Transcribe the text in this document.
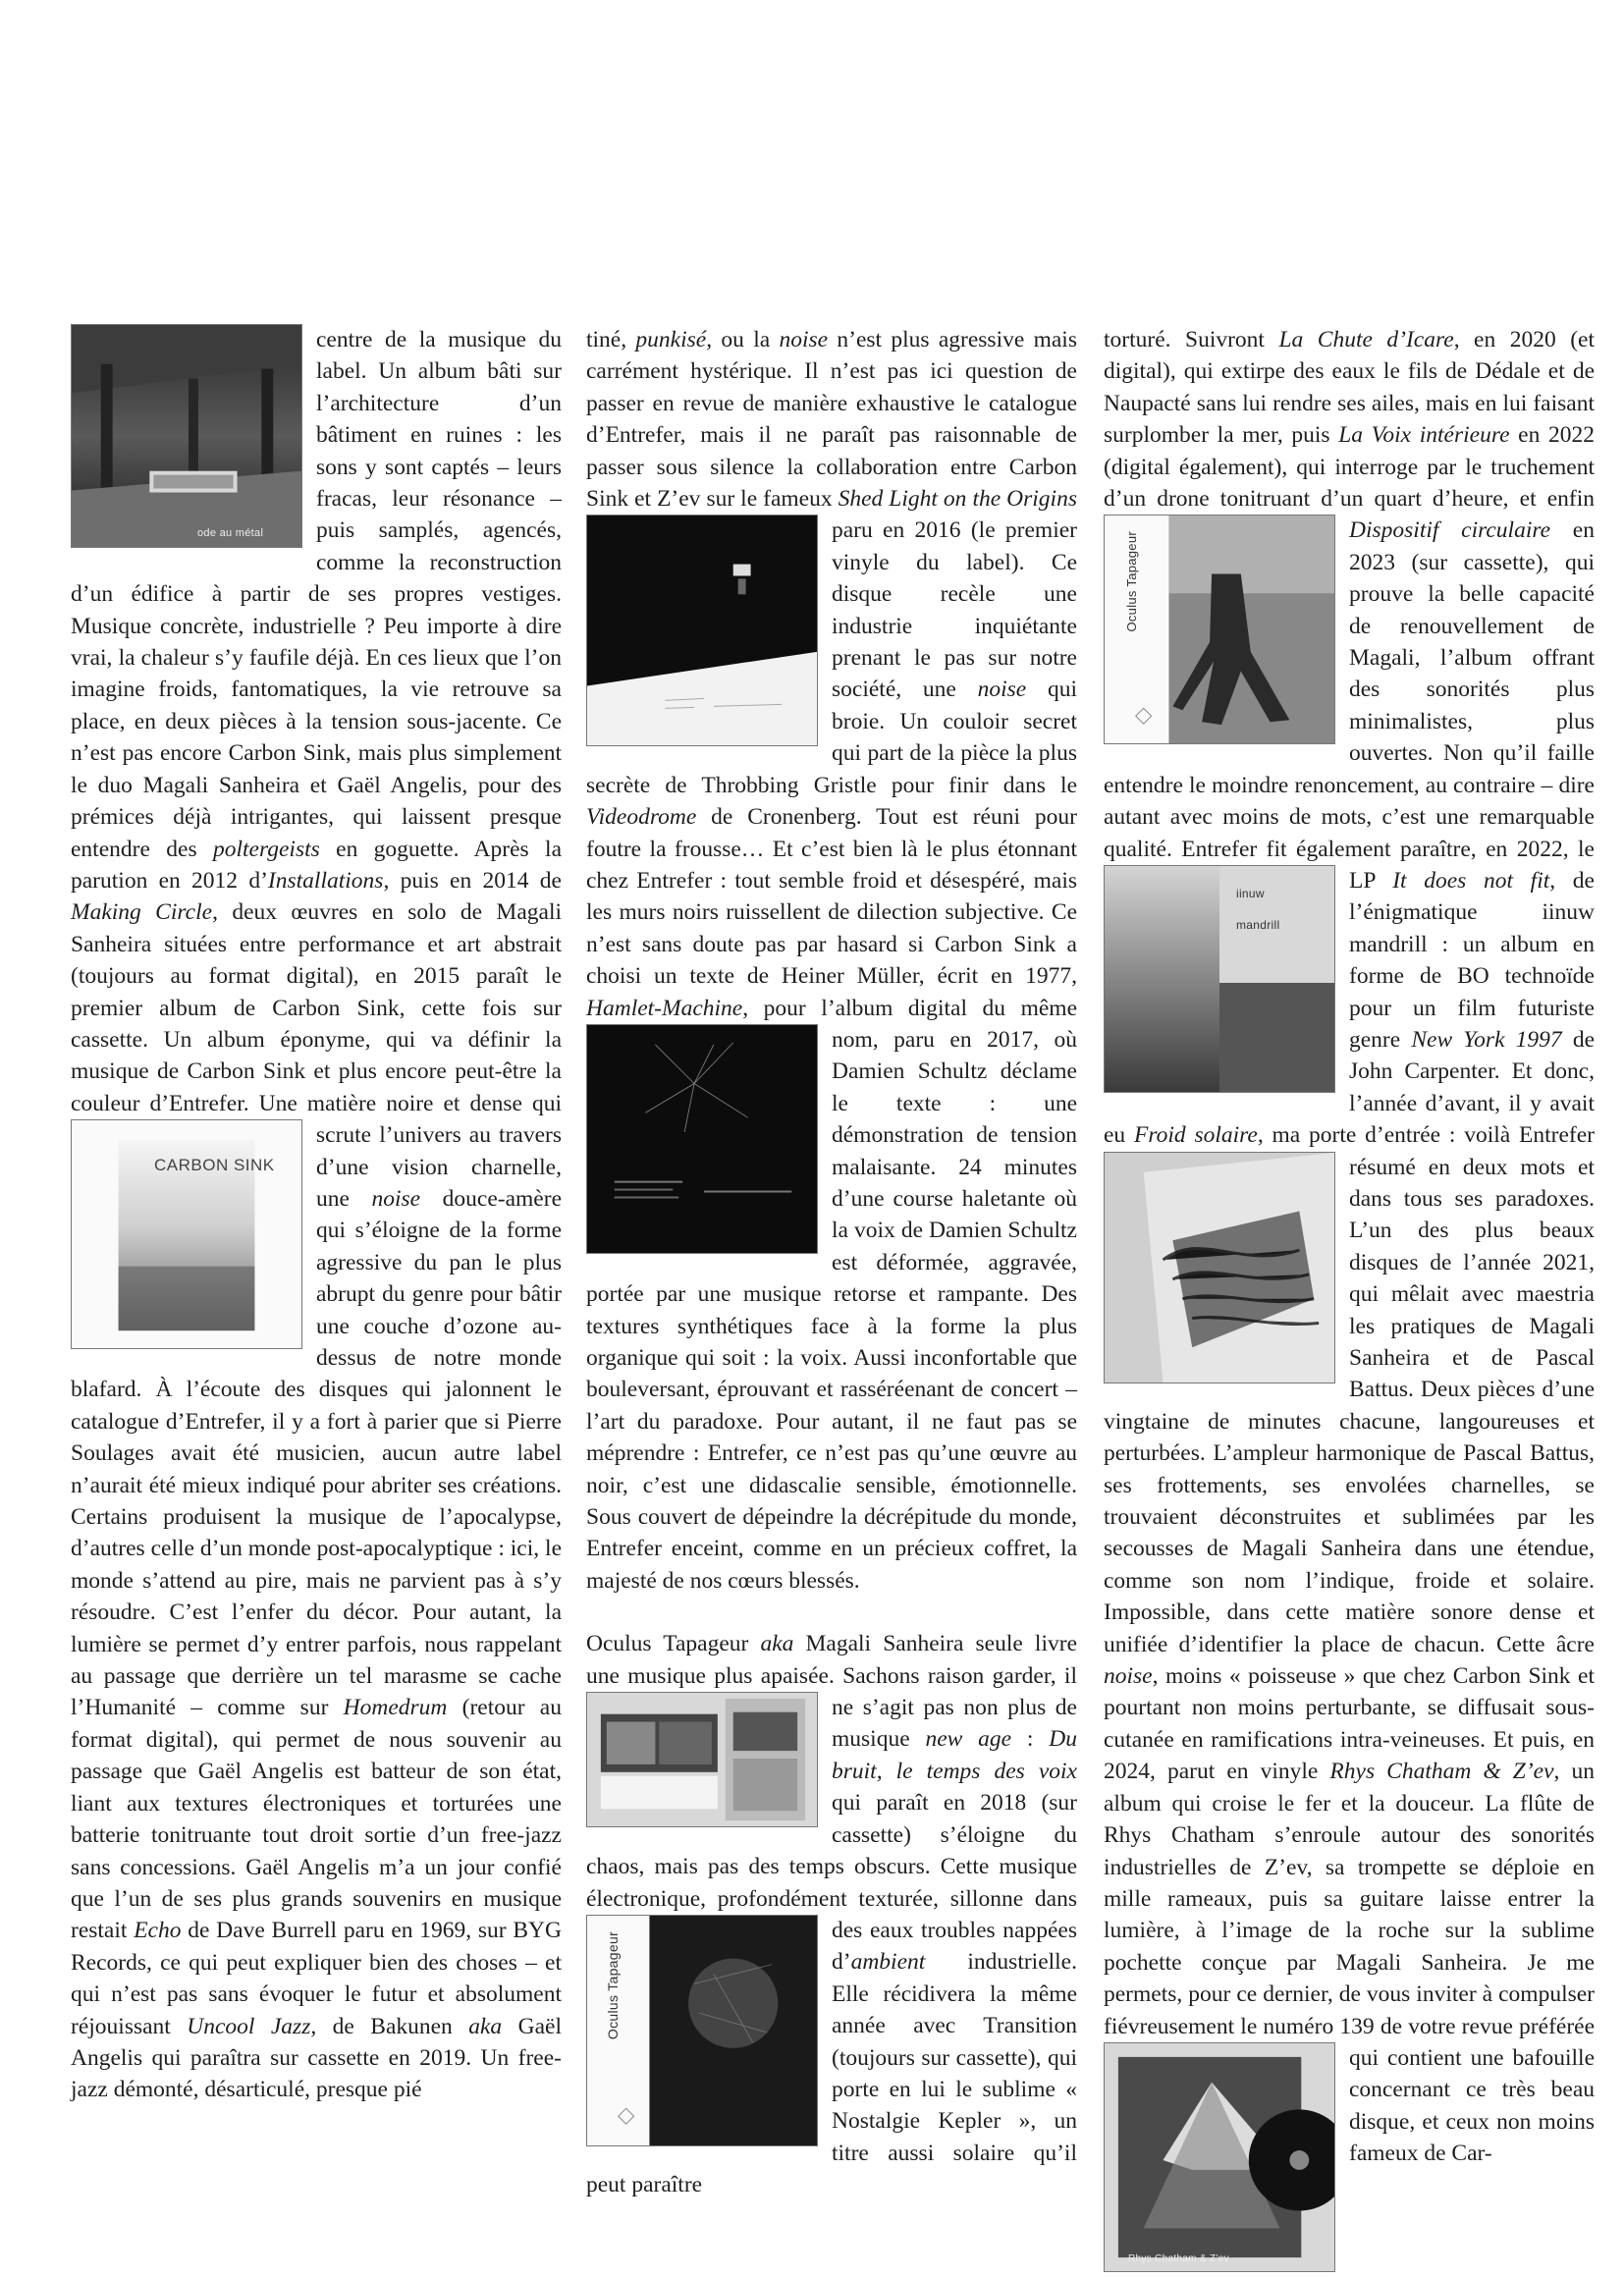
ode au métal

centre de la musique du label. Un album bâti sur l’architecture d’un bâtiment en ruines : les sons y sont captés – leurs fracas, leur résonance – puis samplés, agencés, comme la reconstruction d’un édifice à partir de ses propres vestiges. Musique concrète, industrielle ? Peu importe à dire vrai, la chaleur s’y faufile déjà. En ces lieux que l’on imagine froids, fantomatiques, la vie retrouve sa place, en deux pièces à la tension sous-jacente. Ce n’est pas encore Carbon Sink, mais plus simplement le duo Magali Sanheira et Gaël Angelis, pour des prémices déjà intrigantes, qui laissent presque entendre des poltergeists en goguette. Après la parution en 2012 d’Installations, puis en 2014 de Making Circle, deux œuvres en solo de Magali Sanheira situées entre performance et art abstrait (toujours au format digital), en 2015 paraît le premier album de Carbon Sink, cette fois sur cassette. Un album éponyme, qui va définir la musique de Carbon Sink et plus encore peut-être la couleur d’Entrefer. Une matière noire et dense qui scrute l’univers au travers
CARBON SINK d’une vision charnelle, une noise douce-amère qui s’éloigne de la forme agressive du pan le plus abrupt du genre pour bâtir une couche d’ozone au-dessus de notre monde blafard. À l’écoute des disques qui jalonnent le catalogue d’Entrefer, il y a fort à parier que si Pierre Soulages avait été musicien, aucun autre label n’aurait été mieux indiqué pour abriter ses créations. Certains produisent la musique de l’apocalypse, d’autres celle d’un monde post-apocalyptique : ici, le monde s’attend au pire, mais ne parvient pas à s’y résoudre. C’est l’enfer du décor. Pour autant, la lumière se permet d’y entrer parfois, nous rappelant au passage que derrière un tel marasme se cache l’Humanité – comme sur Homedrum (retour au format digital), qui permet de nous souvenir au passage que Gaël Angelis est batteur de son état, liant aux textures électroniques et torturées une batterie tonitruante tout droit sortie d’un free-jazz sans concessions. Gaël Angelis m’a un jour confié que l’un de ses plus grands souvenirs en musique restait Echo de Dave Burrell paru en 1969, sur BYG Records, ce qui peut expliquer bien des choses – et qui n’est pas sans évoquer le futur et absolument réjouissant Uncool Jazz, de Bakunen aka Gaël Angelis qui paraîtra sur cassette en 2019. Un free-jazz démonté, désarticulé, presque pié

tiné, punkisé, ou la noise n’est plus agressive mais carrément hystérique. Il n’est pas ici question de passer en revue de manière exhaustive le catalogue d’Entrefer, mais il ne paraît pas raisonnable de passer sous silence la collaboration entre Carbon Sink et Z’ev sur le fameux Shed
Light on the Origins paru en 2016 (le premier vinyle du label). Ce disque recèle une industrie inquiétante prenant le pas sur notre société, une noise qui broie. Un couloir secret qui part de la pièce la plus secrète de Throbbing Gristle pour finir dans le Videodrome de Cronenberg. Tout est réuni pour foutre la frousse… Et c’est bien là le plus étonnant chez Entrefer : tout semble froid et désespéré, mais les murs noirs ruissellent de dilection subjective. Ce n’est sans doute pas par hasard si Carbon Sink a choisi un texte de Heiner Müller, écrit en 1977, Hamlet-Machine, pour l’album digital du même nom, paru
en 2017, où Damien Schultz déclame le texte : une démonstration de tension malaisante. 24 minutes d’une course haletante où la voix de Damien Schultz est déformée, aggravée, portée par une musique retorse et rampante. Des textures synthétiques face à la forme la plus organique qui soit : la voix. Aussi inconfortable que bouleversant, éprouvant et rasséréenant de concert – l’art du paradoxe. Pour autant, il ne faut pas se méprendre : Entrefer, ce n’est pas qu’une œuvre au noir, c’est une didascalie sensible, émotionnelle. Sous couvert de dépeindre la décrépitude du monde, Entrefer enceint, comme en un précieux coffret, la majesté de nos cœurs blessés.

Oculus Tapageur aka Magali Sanheira seule livre une musique plus apaisée. Sachons raison
garder, il ne s’agit pas non plus de musique new age : Du bruit, le temps des voix qui paraît en 2018 (sur cassette) s’éloigne du chaos, mais pas des temps obscurs. Cette musique électronique, profondément texturée, sillonne dans des eaux troubles nappées
Oculus Tapageur	d’ambient industrielle. Elle récidivera la même année avec Transition (toujours sur cassette), qui porte en lui le sublime « Nostalgie Kepler », un titre aussi solaire qu’il peut paraître

torturé. Suivront La Chute d’Icare, en 2020 (et digital), qui extirpe des eaux le fils de Dédale et de Naupacté sans lui rendre ses ailes, mais en lui faisant surplomber la mer, puis La Voix intérieure en 2022 (digital également), qui interroge par le truchement d’un drone tonitruant d’un quart d’heure, et enfin Dispositif
Oculus Tapageur
circulaire en 2023 (sur cassette), qui prouve la belle capacité de renouvellement de Magali, l’album offrant des sonorités plus minimalistes, plus ouvertes. Non qu’il faille entendre le moindre renoncement, au contraire – dire autant avec moins de mots, c’est une remarquable qualité. Entrefer fit également paraître,
iinuw mandrill
en 2022, le LP It does not fit, de l’énigmatique iinuw mandrill : un album en forme de BO technoïde pour un film futuriste genre New York 1997 de John Carpenter. Et donc, l’année d’avant, il y avait eu Froid solaire, ma porte d’entrée : voilà Entrefer résumé en deux
mots et dans tous ses paradoxes. L’un des plus beaux disques de l’année 2021, qui mêlait avec maestria les pratiques de Magali Sanheira et de Pascal Battus. Deux pièces d’une vingtaine de minutes chacune, langoureuses et perturbées. L’ampleur harmonique de Pascal Battus, ses frottements, ses envolées charnelles, se trouvaient déconstruites et sublimées par les secousses de Magali Sanheira dans une étendue, comme son nom l’indique, froide et solaire. Impossible, dans cette matière sonore dense et unifiée d’identifier la place de chacun. Cette âcre noise, moins « poisseuse » que chez Carbon Sink et pourtant non moins perturbante, se diffusait sous-cutanée en ramifications intra-veineuses. Et puis, en 2024, parut en vinyle Rhys Chatham & Z’ev, un album qui croise le fer et la douceur. La flûte de Rhys Chatham s’enroule autour des sonorités industrielles de Z’ev, sa trompette se déploie en mille rameaux, puis sa guitare laisse entrer la lumière, à l’image de la roche sur la sublime pochette conçue par Magali Sanheira. Je me permets, pour ce dernier, de vous inviter à compulser fiévreusement le numéro 139 de
Rhys Chatham & Z’ev
votre revue préférée qui contient une bafouille concernant ce très beau disque, et ceux non moins fameux de Car-
